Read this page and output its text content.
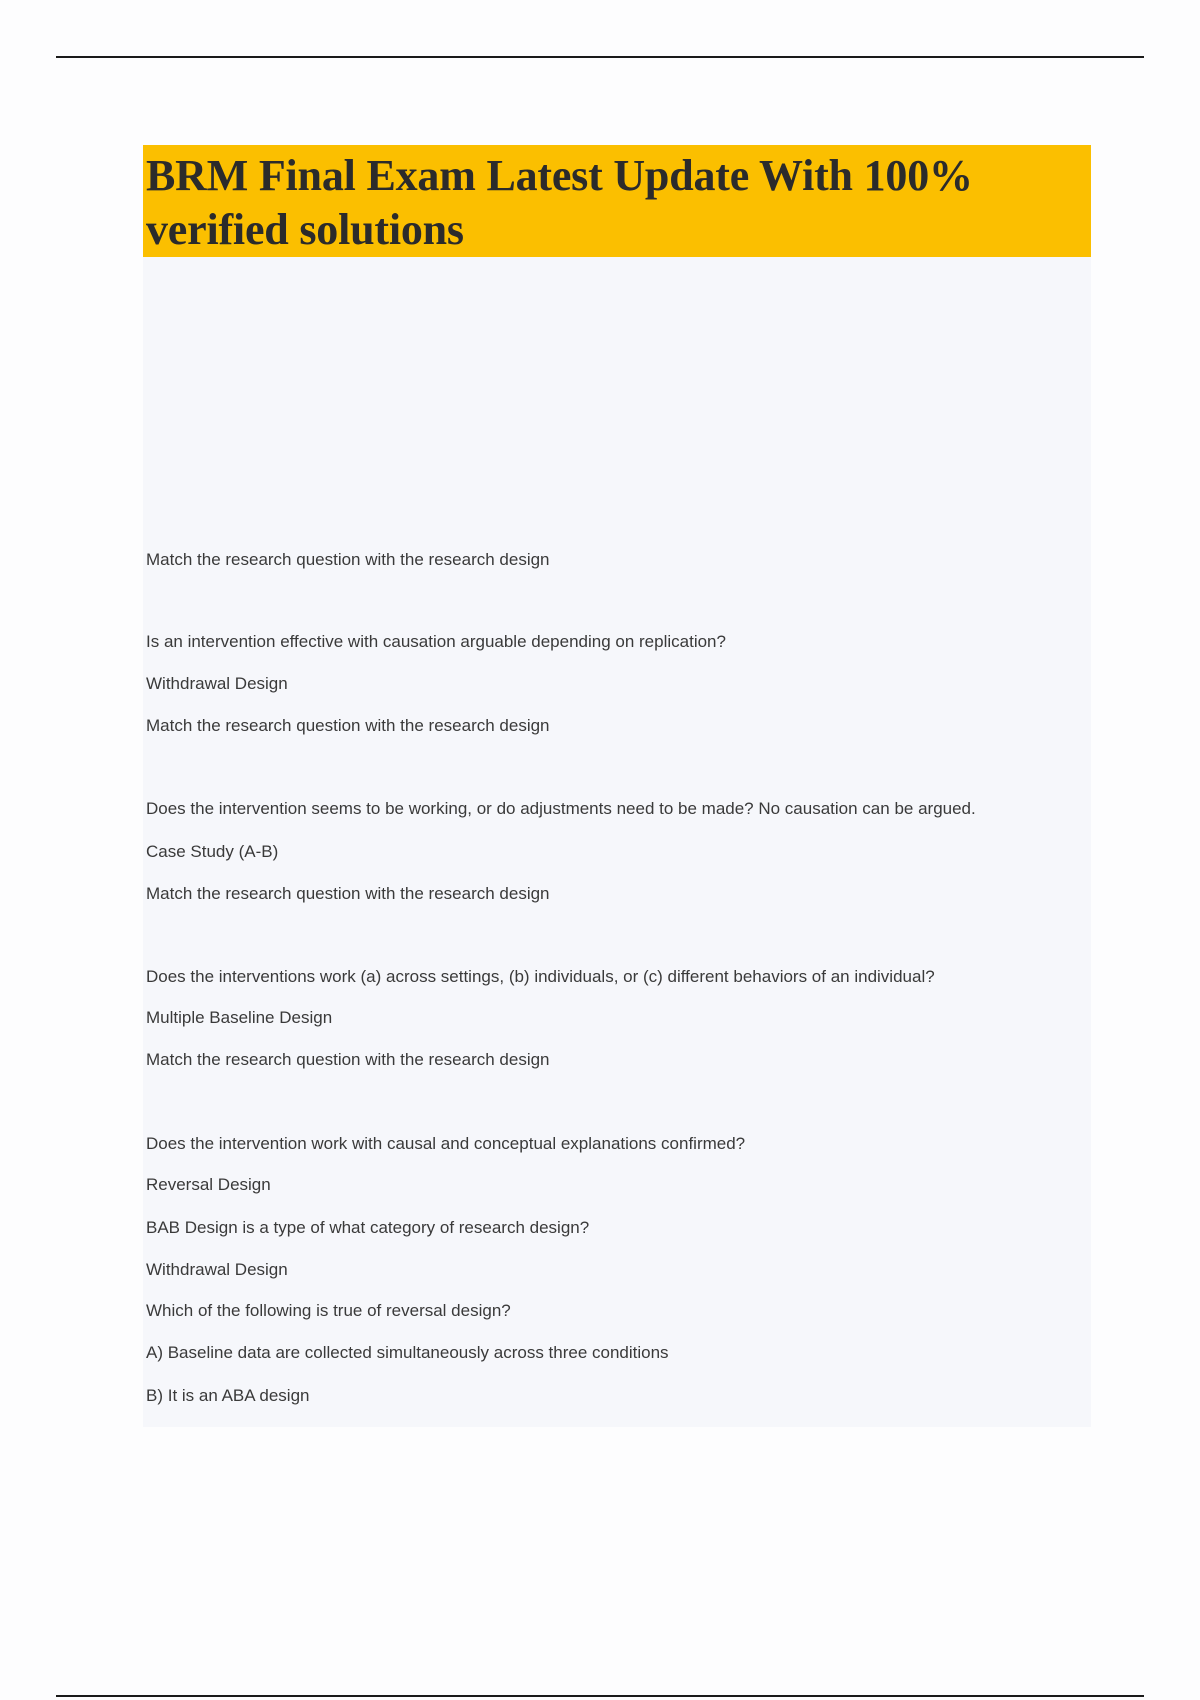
BRM Final Exam Latest Update With 100% verified solutions

Match the research question with the research design

Is an intervention effective with causation arguable depending on replication?

Withdrawal Design

Match the research question with the research design

Does the intervention seems to be working, or do adjustments need to be made? No causation can be argued.

Case Study (A-B)

Match the research question with the research design

Does the interventions work (a) across settings, (b) individuals, or (c) different behaviors of an individual?

Multiple Baseline Design

Match the research question with the research design

Does the intervention work with causal and conceptual explanations confirmed?

Reversal Design

BAB Design is a type of what category of research design?

Withdrawal Design

Which of the following is true of reversal design?

A) Baseline data are collected simultaneously across three conditions

B) It is an ABA design
